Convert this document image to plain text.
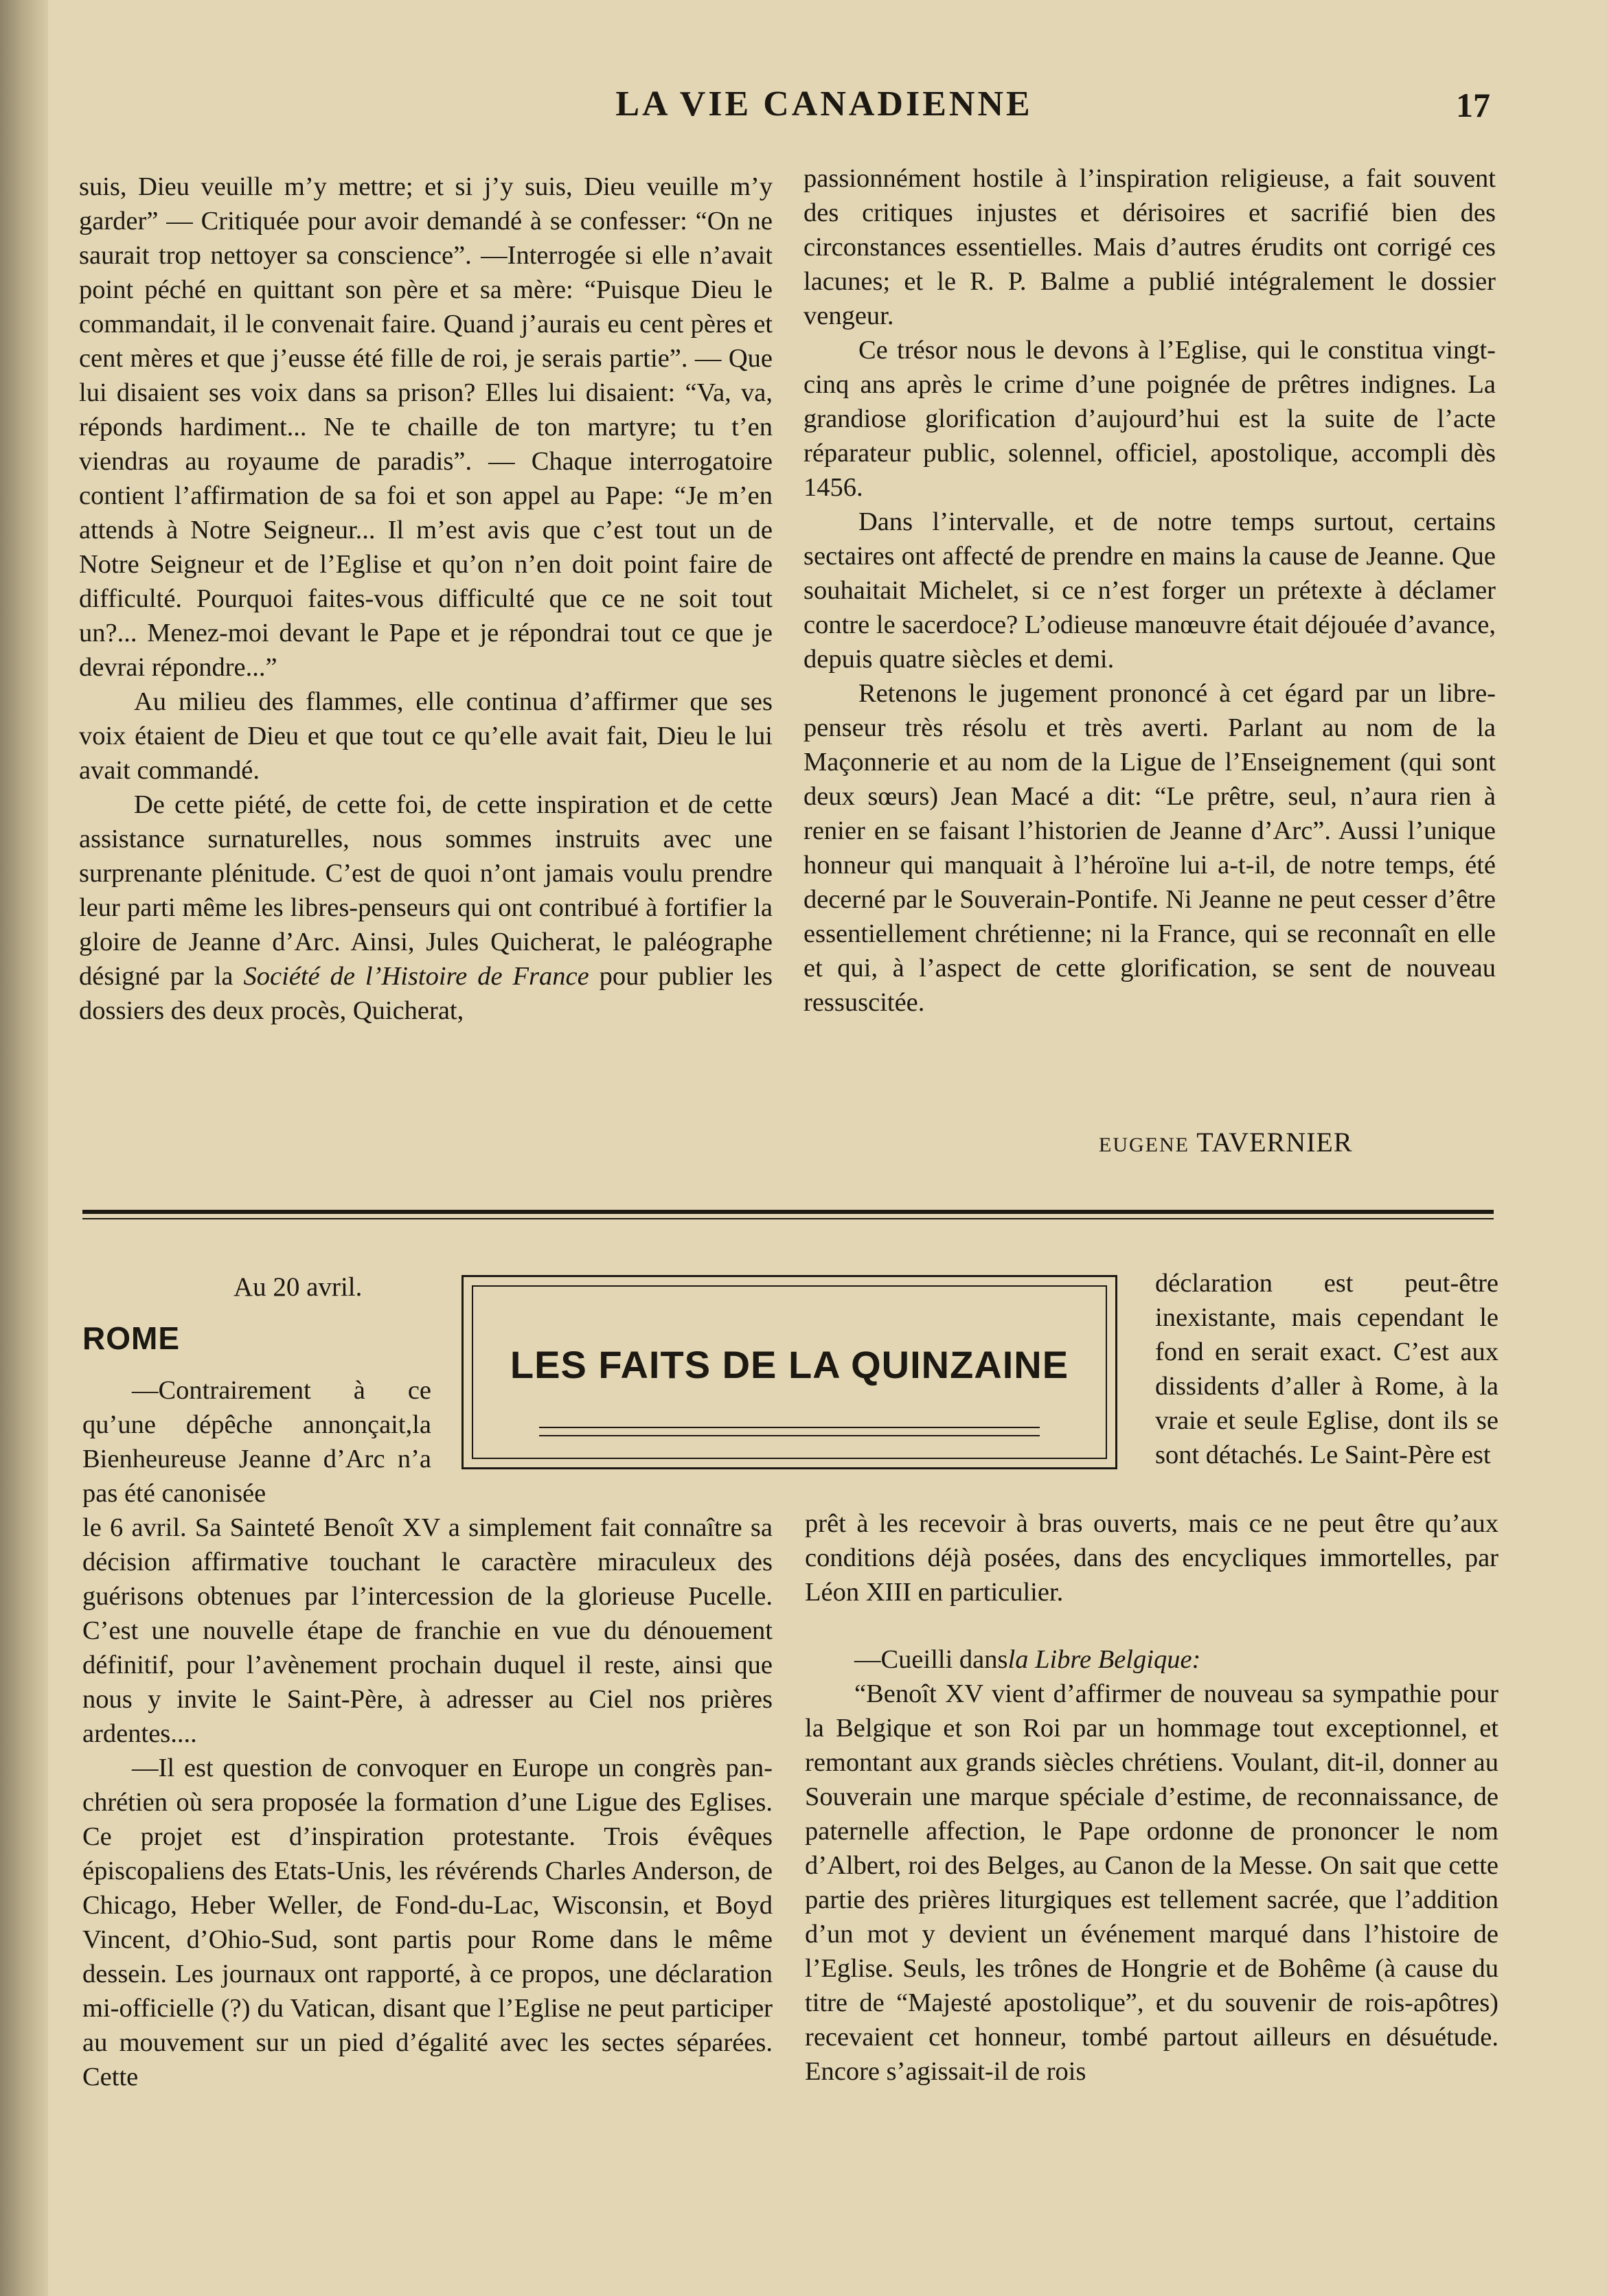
LA VIE CANADIENNE	17

suis, Dieu veuille m’y mettre; et si j’y suis, Dieu veuille m’y garder” — Critiquée pour avoir demandé à se confesser: “On ne saurait trop nettoyer sa conscience”. —Interrogée si elle n’avait point péché en quittant son père et sa mère: “Puisque Dieu le commandait, il le convenait faire. Quand j’aurais eu cent pères et cent mères et que j’eusse été fille de roi, je serais partie”. — Que lui disaient ses voix dans sa prison? Elles lui disaient: “Va, va, réponds hardiment... Ne te chaille de ton martyre; tu t’en viendras au royaume de paradis”. — Chaque interrogatoire contient l’affirmation de sa foi et son appel au Pape: “Je m’en attends à Notre Seigneur... Il m’est avis que c’est tout un de Notre Seigneur et de l’Eglise et qu’on n’en doit point faire de difficulté. Pourquoi faites-vous difficulté que ce ne soit tout un?... Menez-moi devant le Pape et je répondrai tout ce que je devrai répondre...”

Au milieu des flammes, elle continua d’affirmer que ses voix étaient de Dieu et que tout ce qu’elle avait fait, Dieu le lui avait commandé.

De cette piété, de cette foi, de cette inspiration et de cette assistance surnaturelles, nous sommes instruits avec une surprenante plénitude. C’est de quoi n’ont jamais voulu prendre leur parti même les libres-penseurs qui ont contribué à fortifier la gloire de Jeanne d’Arc. Ainsi, Jules Quicherat, le paléographe désigné par la Société de l’Histoire de France pour publier les dossiers des deux procès, Quicherat,

passionnément hostile à l’inspiration religieuse, a fait souvent des critiques injustes et dérisoires et sacrifié bien des circonstances essentielles. Mais d’autres érudits ont corrigé ces lacunes; et le R. P. Balme a publié intégralement le dossier vengeur.

Ce trésor nous le devons à l’Eglise, qui le constitua vingt-cinq ans après le crime d’une poignée de prêtres indignes. La grandiose glorification d’aujourd’hui est la suite de l’acte réparateur public, solennel, officiel, apostolique, accompli dès 1456.

Dans l’intervalle, et de notre temps surtout, certains sectaires ont affecté de prendre en mains la cause de Jeanne. Que souhaitait Michelet, si ce n’est forger un prétexte à déclamer contre le sacerdoce? L’odieuse manœuvre était déjouée d’avance, depuis quatre siècles et demi.

Retenons le jugement prononcé à cet égard par un libre-penseur très résolu et très averti. Parlant au nom de la Maçonnerie et au nom de la Ligue de l’Enseignement (qui sont deux sœurs) Jean Macé a dit: “Le prêtre, seul, n’aura rien à renier en se faisant l’historien de Jeanne d’Arc”. Aussi l’unique honneur qui manquait à l’héroïne lui a-t-il, de notre temps, été decerné par le Souverain-Pontife. Ni Jeanne ne peut cesser d’être essentiellement chrétienne; ni la France, qui se reconnaît en elle et qui, à l’aspect de cette glorification, se sent de nouveau ressuscitée.

EUGENE TAVERNIER
LES FAITS DE LA QUINZAINE
Au 20 avril.
ROME

—Contrairement à ce qu’une dépêche annonçait,la Bienheureuse Jeanne d’Arc n’a pas été canonisée

le 6 avril. Sa Sainteté Benoît XV a simplement fait connaître sa décision affirmative touchant le caractère miraculeux des guérisons obtenues par l’intercession de la glorieuse Pucelle. C’est une nouvelle étape de franchie en vue du dénouement définitif, pour l’avènement prochain duquel il reste, ainsi que nous y invite le Saint-Père, à adresser au Ciel nos prières ardentes....

—Il est question de convoquer en Europe un congrès pan-chrétien où sera proposée la formation d’une Ligue des Eglises. Ce projet est d’inspiration protestante. Trois évêques épiscopaliens des Etats-Unis, les révérends Charles Anderson, de Chicago, Heber Weller, de Fond-du-Lac, Wisconsin, et Boyd Vincent, d’Ohio-Sud, sont partis pour Rome dans le même dessein. Les journaux ont rapporté, à ce propos, une déclaration mi-officielle (?) du Vatican, disant que l’Eglise ne peut participer au mouvement sur un pied d’égalité avec les sectes séparées. Cette

déclaration est peut-être inexistante, mais cependant le fond en serait exact. C’est aux dissidents d’aller à Rome, à la vraie et seule Eglise, dont ils se sont détachés. Le Saint-Père est

prêt à les recevoir à bras ouverts, mais ce ne peut être qu’aux conditions déjà posées, dans des encycliques immortelles, par Léon XIII en particulier.

—Cueilli dansla Libre Belgique:

“Benoît XV vient d’affirmer de nouveau sa sympathie pour la Belgique et son Roi par un hommage tout exceptionnel, et remontant aux grands siècles chrétiens. Voulant, dit-il, donner au Souverain une marque spéciale d’estime, de reconnaissance, de paternelle affection, le Pape ordonne de prononcer le nom d’Albert, roi des Belges, au Canon de la Messe. On sait que cette partie des prières liturgiques est tellement sacrée, que l’addition d’un mot y devient un événement marqué dans l’histoire de l’Eglise. Seuls, les trônes de Hongrie et de Bohême (à cause du titre de “Majesté apostolique”, et du souvenir de rois-apôtres) recevaient cet honneur, tombé partout ailleurs en désuétude. Encore s’agissait-il de rois
